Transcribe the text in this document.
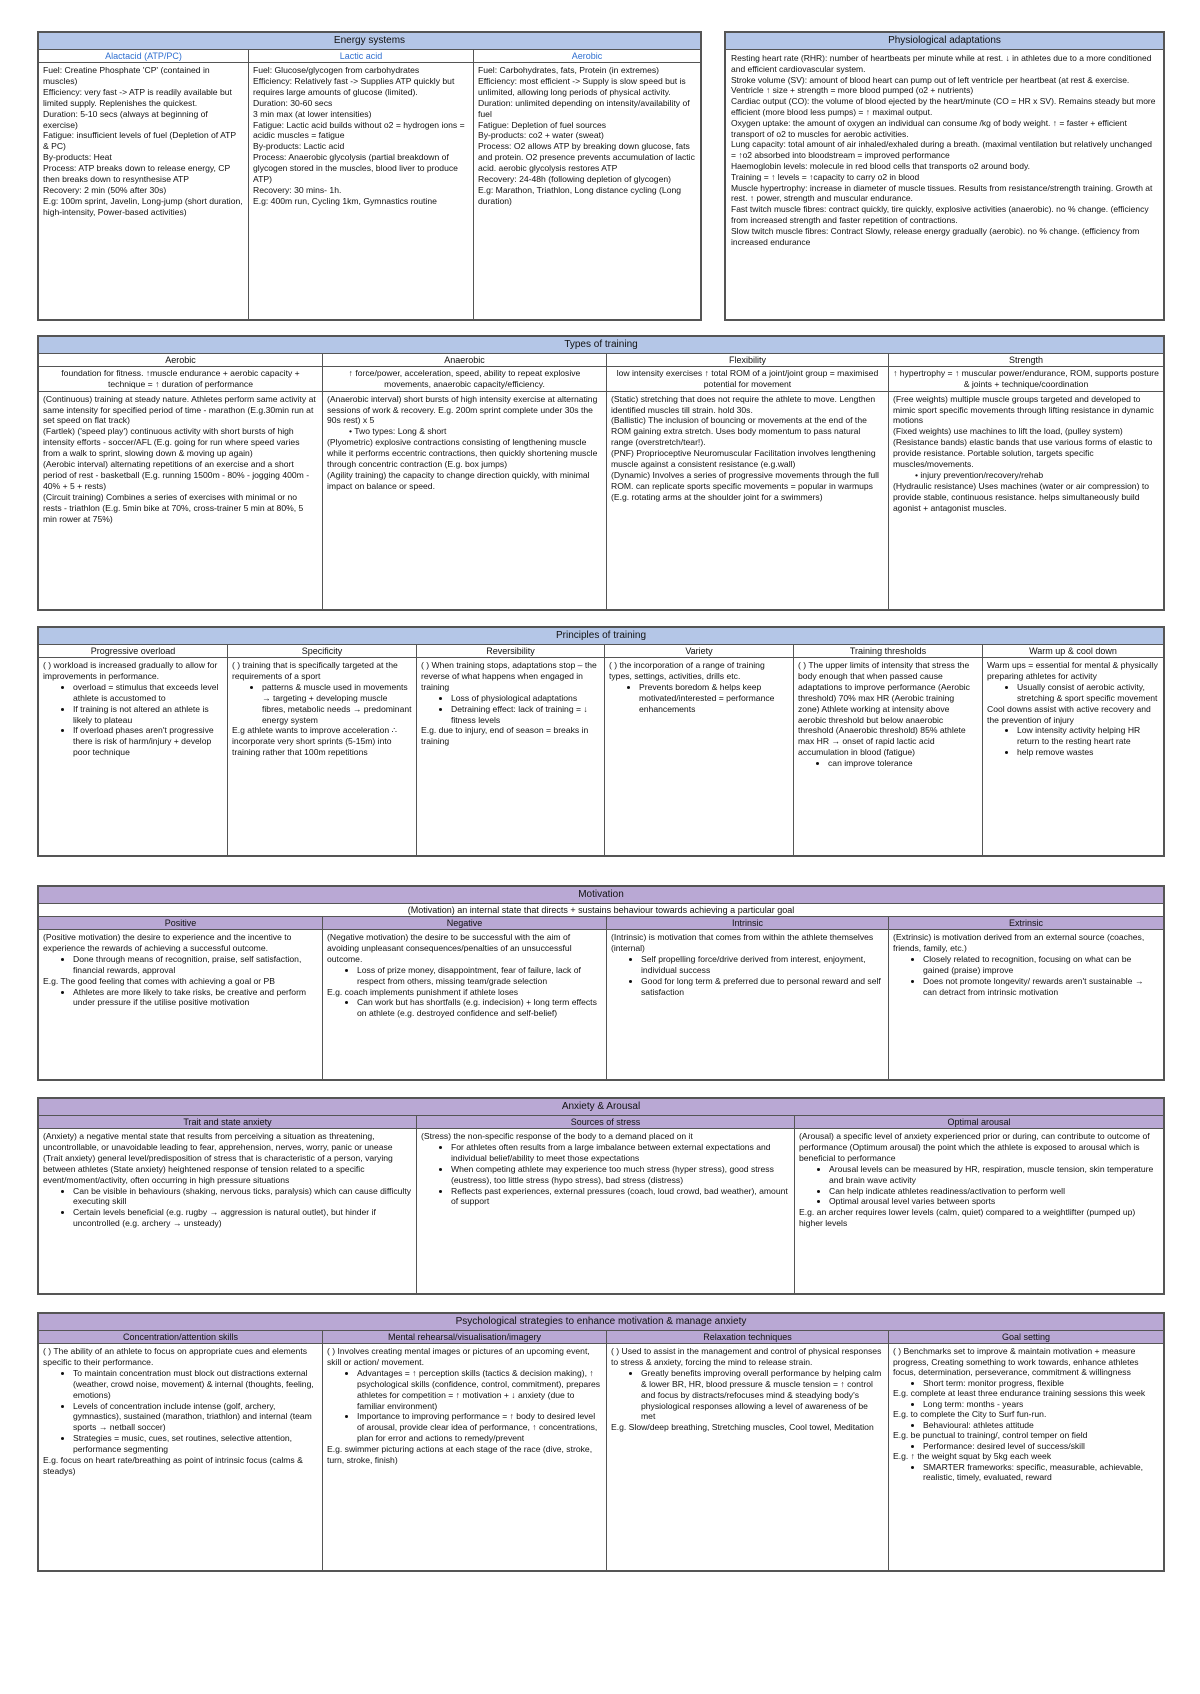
Energy systems
Alactacid (ATP/PC)

Fuel: Creatine Phosphate 'CP' (contained in muscles)

Efficiency: very fast -> ATP is readily available but limited supply. Replenishes the quickest.

Duration: 5-10 secs (always at beginning of exercise)

Fatigue: insufficient levels of fuel (Depletion of ATP & PC)

By-products: Heat

Process: ATP breaks down to release energy, CP then breaks down to resynthesise ATP

Recovery: 2 min (50% after 30s)

E.g: 100m sprint, Javelin, Long-jump (short duration, high-intensity, Power-based activities)

Lactic acid

Fuel: Glucose/glycogen from carbohydrates

Efficiency: Relatively fast -> Supplies ATP quickly but requires large amounts of glucose (limited).

Duration: 30-60 secs

3 min max (at lower intensities)

Fatigue: Lactic acid builds without o2 = hydrogen ions = acidic muscles = fatigue

By-products: Lactic acid

Process: Anaerobic glycolysis (partial breakdown of glycogen stored in the muscles, blood liver to produce ATP)

Recovery: 30 mins- 1h.

E.g: 400m run, Cycling 1km, Gymnastics routine

Aerobic

Fuel: Carbohydrates, fats, Protein (in extremes)

Efficiency: most efficient -> Supply is slow speed but is unlimited, allowing long periods of physical activity.

Duration: unlimited depending on intensity/availability of fuel

Fatigue: Depletion of fuel sources

By-products: co2 + water (sweat)

Process: O2 allows ATP by breaking down glucose, fats and protein. O2 presence prevents accumulation of lactic acid. aerobic glycolysis restores ATP

Recovery: 24-48h (following depletion of glycogen)

E.g: Marathon, Triathlon, Long distance cycling (Long duration)

Physiological adaptations

Resting heart rate (RHR): number of heartbeats per minute while at rest. ↓ in athletes due to a more conditioned and efficient cardiovascular system.

Stroke volume (SV): amount of blood heart can pump out of left ventricle per heartbeat (at rest & exercise. Ventricle ↑ size + strength = more blood pumped (o2 + nutrients)

Cardiac output (CO): the volume of blood ejected by the heart/minute (CO = HR x SV). Remains steady but more efficient (more blood less pumps) = ↑ maximal output.

Oxygen uptake: the amount of oxygen an individual can consume /kg of body weight. ↑ = faster + efficient transport of o2 to muscles for aerobic activities.

Lung capacity: total amount of air inhaled/exhaled during a breath. (maximal ventilation but relatively unchanged = ↑o2 absorbed into bloodstream = improved performance

Haemoglobin levels: molecule in red blood cells that transports o2 around body.

Training = ↑ levels = ↑capacity to carry o2 in blood

Muscle hypertrophy: increase in diameter of muscle tissues. Results from resistance/strength training. Growth at rest. ↑ power, strength and muscular endurance.

Fast twitch muscle fibres: contract quickly, tire quickly, explosive activities (anaerobic). no % change. (efficiency from increased strength and faster repetition of contractions.

Slow twitch muscle fibres: Contract Slowly, release energy gradually (aerobic). no % change. (efficiency from increased endurance

Types of training
Aerobic
foundation for fitness. ↑muscle endurance + aerobic capacity + technique = ↑ duration of performance

(Continuous) training at steady nature. Athletes perform same activity at same intensity for specified period of time - marathon (E.g.30min run at set speed on flat track)

(Fartlek) ('speed play') continuous activity with short bursts of high intensity efforts - soccer/AFL (E.g. going for run where speed varies from a walk to sprint, slowing down & moving up again)

(Aerobic interval) alternating repetitions of an exercise and a short period of rest - basketball (E.g. running 1500m - 80% - jogging 400m - 40% + 5 + rests)

(Circuit training) Combines a series of exercises with minimal or no rests - triathlon (E.g. 5min bike at 70%, cross-trainer 5 min at 80%, 5 min rower at 75%)

Anaerobic
↑ force/power, acceleration, speed, ability to repeat explosive movements, anaerobic capacity/efficiency.

(Anaerobic interval) short bursts of high intensity exercise at alternating sessions of work & recovery. E.g. 200m sprint complete under 30s the 90s rest) x 5

• Two types: Long & short

(Plyometric) explosive contractions consisting of lengthening muscle while it performs eccentric contractions, then quickly shortening muscle through concentric contraction (E.g. box jumps)

(Agility training) the capacity to change direction quickly, with minimal impact on balance or speed.

Flexibility
low intensity exercises ↑ total ROM of a joint/joint group = maximised potential for movement

(Static) stretching that does not require the athlete to move. Lengthen identified muscles till strain. hold 30s.

(Ballistic) The inclusion of bouncing or movements at the end of the ROM gaining extra stretch. Uses body momentum to pass natural range (overstretch/tear!).

(PNF) Proprioceptive Neuromuscular Facilitation involves lengthening muscle against a consistent resistance (e.g.wall)

(Dynamic) Involves a series of progressive movements through the full ROM. can replicate sports specific movements = popular in warmups (E.g. rotating arms at the shoulder joint for a swimmers)

Strength
↑ hypertrophy = ↑ muscular power/endurance, ROM, supports posture & joints + technique/coordination

(Free weights) multiple muscle groups targeted and developed to mimic sport specific movements through lifting resistance in dynamic motions

(Fixed weights) use machines to lift the load, (pulley system)

(Resistance bands) elastic bands that use various forms of elastic to provide resistance. Portable solution, targets specific muscles/movements.

• injury prevention/recovery/rehab

(Hydraulic resistance) Uses machines (water or air compression) to provide stable, continuous resistance. helps simultaneously build agonist + antagonist muscles.

Principles of training
Progressive overload

( ) workload is increased gradually to allow for improvements in performance.

• overload = stimulus that exceeds level athlete is accustomed to
• If training is not altered an athlete is likely to plateau
• If overload phases aren't progressive there is risk of harm/injury + develop poor technique
Specificity

( ) training that is specifically targeted at the requirements of a sport

• patterns & muscle used in movements → targeting + developing muscle fibres, metabolic needs → predominant energy system

E.g athlete wants to improve acceleration ∴ incorporate very short sprints (5-15m) into training rather that 100m repetitions

Reversibility

( ) When training stops, adaptations stop – the reverse of what happens when engaged in training

• Loss of physiological adaptations
• Detraining effect: lack of training = ↓ fitness levels

E.g. due to injury, end of season = breaks in training

Variety

( ) the incorporation of a range of training types, settings, activities, drills etc.

• Prevents boredom & helps keep motivated/interested = performance enhancements
Training thresholds

( ) The upper limits of intensity that stress the body enough that when passed cause adaptations to improve performance (Aerobic threshold) 70% max HR (Aerobic training zone) Athlete working at intensity above aerobic threshold but below anaerobic threshold (Anaerobic threshold) 85% athlete max HR → onset of rapid lactic acid accumulation in blood (fatigue)

• can improve tolerance
Warm up & cool down

Warm ups = essential for mental & physically preparing athletes for activity

• Usually consist of aerobic activity, stretching & sport specific movement

Cool downs assist with active recovery and the prevention of injury

• Low intensity activity helping HR return to the resting heart rate
• help remove wastes
Motivation
(Motivation) an internal state that directs + sustains behaviour towards achieving a particular goal
Positive

(Positive motivation) the desire to experience and the incentive to experience the rewards of achieving a successful outcome.

• Done through means of recognition, praise, self satisfaction, financial rewards, approval

E.g. The good feeling that comes with achieving a goal or PB

• Athletes are more likely to take risks, be creative and perform under pressure if the utilise positive motivation
Negative

(Negative motivation) the desire to be successful with the aim of avoiding unpleasant consequences/penalties of an unsuccessful outcome.

• Loss of prize money, disappointment, fear of failure, lack of respect from others, missing team/grade selection

E.g. coach implements punishment if athlete loses

• Can work but has shortfalls (e.g. indecision) + long term effects on athlete (e.g. destroyed confidence and self-belief)
Intrinsic

(Intrinsic) is motivation that comes from within the athlete themselves (internal)

• Self propelling force/drive derived from interest, enjoyment, individual success
• Good for long term & preferred due to personal reward and self satisfaction
Extrinsic

(Extrinsic) is motivation derived from an external source (coaches, friends, family, etc.)

• Closely related to recognition, focusing on what can be gained (praise) improve
• Does not promote longevity/ rewards aren't sustainable → can detract from intrinsic motivation
Anxiety & Arousal
Trait and state anxiety

(Anxiety) a negative mental state that results from perceiving a situation as threatening, uncontrollable, or unavoidable leading to fear, apprehension, nerves, worry, panic or unease (Trait anxiety) general level/predisposition of stress that is characteristic of a person, varying between athletes (State anxiety) heightened response of tension related to a specific event/moment/activity, often occurring in high pressure situations

• Can be visible in behaviours (shaking, nervous ticks, paralysis) which can cause difficulty executing skill
• Certain levels beneficial (e.g. rugby → aggression is natural outlet), but hinder if uncontrolled (e.g. archery → unsteady)
Sources of stress

(Stress) the non-specific response of the body to a demand placed on it

• For athletes often results from a large imbalance between external expectations and individual belief/ability to meet those expectations
• When competing athlete may experience too much stress (hyper stress), good stress (eustress), too little stress (hypo stress), bad stress (distress)
• Reflects past experiences, external pressures (coach, loud crowd, bad weather), amount of support
Optimal arousal

(Arousal) a specific level of anxiety experienced prior or during, can contribute to outcome of performance (Optimum arousal) the point which the athlete is exposed to arousal which is beneficial to performance

• Arousal levels can be measured by HR, respiration, muscle tension, skin temperature and brain wave activity
• Can help indicate athletes readiness/activation to perform well
• Optimal arousal level varies between sports

E.g. an archer requires lower levels (calm, quiet) compared to a weightlifter (pumped up) higher levels

Psychological strategies to enhance motivation & manage anxiety
Concentration/attention skills

( ) The ability of an athlete to focus on appropriate cues and elements specific to their performance.

• To maintain concentration must block out distractions external (weather, crowd noise, movement) & internal (thoughts, feeling, emotions)
• Levels of concentration include intense (golf, archery, gymnastics), sustained (marathon, triathlon) and internal (team sports → netball soccer)
• Strategies = music, cues, set routines, selective attention, performance segmenting

E.g. focus on heart rate/breathing as point of intrinsic focus (calms & steadys)

Mental rehearsal/visualisation/imagery

( ) Involves creating mental images or pictures of an upcoming event, skill or action/ movement.

• Advantages = ↑ perception skills (tactics & decision making), ↑ psychological skills (confidence, control, commitment), prepares athletes for competition = ↑ motivation + ↓ anxiety (due to familiar environment)
• Importance to improving performance = ↑ body to desired level of arousal, provide clear idea of performance, ↑ concentrations, plan for error and actions to remedy/prevent

E.g. swimmer picturing actions at each stage of the race (dive, stroke, turn, stroke, finish)

Relaxation techniques

( ) Used to assist in the management and control of physical responses to stress & anxiety, forcing the mind to release strain.

• Greatly benefits improving overall performance by helping calm & lower BR, HR, blood pressure & muscle tension = ↑ control and focus by distracts/refocuses mind & steadying body's physiological responses allowing a level of awareness of be met

E.g. Slow/deep breathing, Stretching muscles, Cool towel, Meditation

Goal setting

( ) Benchmarks set to improve & maintain motivation + measure progress, Creating something to work towards, enhance athletes focus, determination, perseverance, commitment & willingness

• Short term: monitor progress, flexible

E.g. complete at least three endurance training sessions this week

• Long term: months - years

E.g. to complete the City to Surf fun-run.

• Behavioural: athletes attitude

E.g. be punctual to training/, control temper on field

• Performance: desired level of success/skill

E.g. ↑ the weight squat by 5kg each week

• SMARTER frameworks: specific, measurable, achievable, realistic, timely, evaluated, reward
